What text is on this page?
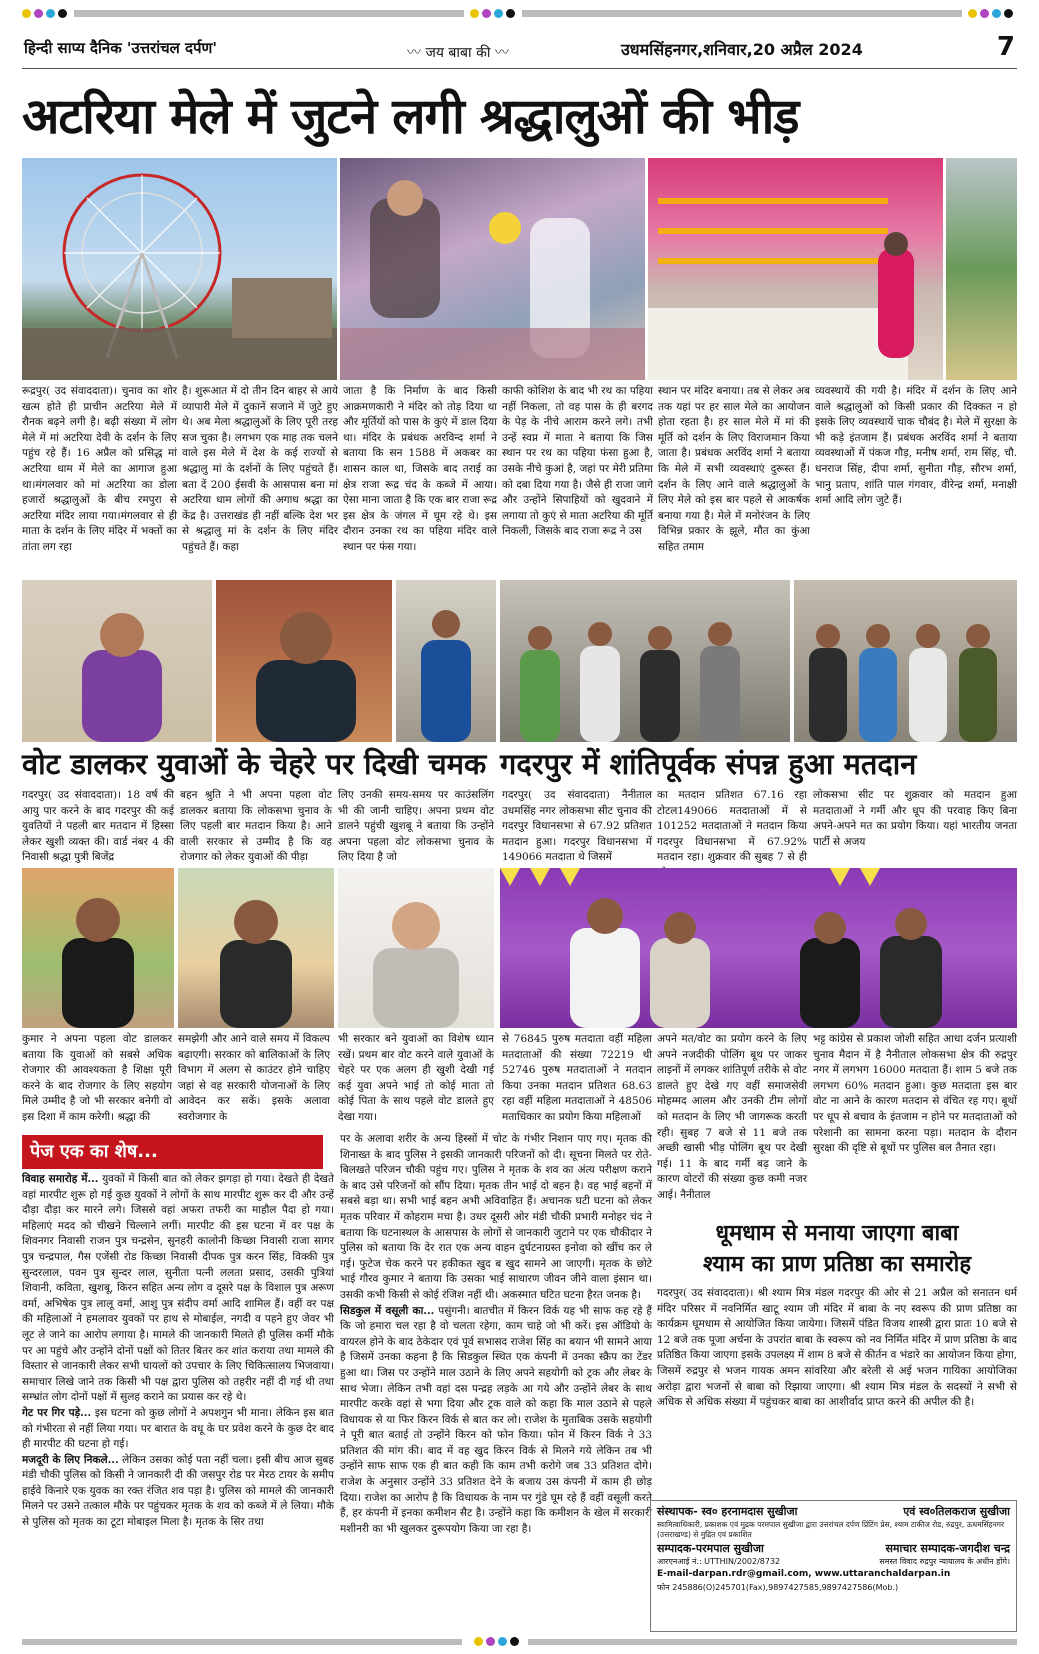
हिन्दी साप्य दैनिक 'उत्तरांचल दर्पण'	〰 जय बाबा की 〰	उधमसिंहनगर,शनिवार,20 अप्रैल 2024	7
अटरिया मेले में जुटने लगी श्रद्धालुओं की भीड़
रूद्रपुर( उद संवाददाता)। चुनाव का शोर खत्म होते ही प्राचीन अटरिया मेले में रौनक बढ़ने लगी है। बढ़ी संख्या में लोग मेले में मां अटरिया देवी के दर्शन के लिए पहुंच रहे हैं। 16 अप्रैल को प्रसिद्ध मां अटरिया धाम में मेले का आगाज हुआ था।मंगलवार को मां अटरिया का डोला हजारों श्रद्धालुओं के बीच रमपुरा से अटरिया मंदिर लाया गया।मंगलवार से ही माता के दर्शन के लिए मंदिर में भक्तों का तांता लग रहा
है। शुरूआत में दो तीन दिन बाहर से आये व्यापारी मेले में दुकानें सजाने में जुटे हुए थे। अब मेला श्रद्धालुओं के लिए पूरी तरह सज चुका है। लगभग एक माह तक चलने वाले इस मेले में देश के कई राज्यों से श्रद्धालु मां के दर्शनों के लिए पहुंचते हैं। बता दें 200 ईसवी के आसपास बना मां अटरिया धाम लोगों की अगाध श्रद्धा का केंद्र है। उत्तराखंड ही नहीं बल्कि देश भर से श्रद्धालु मां के दर्शन के लिए मंदिर पहुंचते हैं। कहा
जाता है कि निर्माण के बाद किसी आक्रमणकारी ने मंदिर को तोड़ दिया था और मूर्तियों को पास के कुएं में डाल दिया था। मंदिर के प्रबंधक अरविन्द शर्मा ने बताया कि सन 1588 में अकबर का शासन काल था, जिसके बाद तराई का क्षेत्र राजा रूद्र चंद के कब्जे में आया। ऐसा माना जाता है कि एक बार राजा रूद्र इस क्षेत्र के जंगल में घूम रहे थे। इस दौरान उनका रथ का पहिया मंदिर वाले स्थान पर फंस गया।
काफी कोशिश के बाद भी रथ का पहिया नहीं निकला, तो वह पास के ही बरगद के पेड़ के नीचे आराम करने लगे। तभी उन्हें स्वप्न में माता ने बताया कि जिस स्थान पर रथ का पहिया फंसा हुआ है, उसके नीचे कुआं है, जहां पर मेरी प्रतिमा को दबा दिया गया है। जैसे ही राजा जागे और उन्होंने सिपाहियों को खुदवाने में लगाया तो कुएं से माता अटरिया की मूर्ति निकली, जिसके बाद राजा रूद्र ने उस
स्थान पर मंदिर बनाया। तब से लेकर अब तक यहां पर हर साल मेले का आयोजन होता रहता है। हर साल मेले में मां की मूर्ति को दर्शन के लिए विराजमान किया जाता है। प्रबंधक अरविंद शर्मा ने बताया कि मेले में सभी व्यवस्थाएं दुरूस्त हैं। दर्शन के लिए आने वाले श्रद्धालुओं के लिए मेले को इस बार पहले से आकर्षक बनाया गया है। मेले में मनोरंजन के लिए विभिन्न प्रकार के झूले, मौत का कुंआ सहित तमाम
व्यवस्थायें की गयी है। मंदिर में दर्शन के लिए आने वाले श्रद्धालुओं को किसी प्रकार की दिक्कत न हो इसके लिए व्यवस्थायें चाक चौबंद है। मेले में सुरक्षा के भी कड़े इंतजाम हैं। प्रबंधक अरविंद शर्मा ने बताया व्यवस्थाओं में पंकज गौड़, मनीष शर्मा, राम सिंह, चौ. धनराज सिंह, दीपा शर्मा, सुनीता गौड़, सौरभ शर्मा, भानु प्रताप, शांति पाल गंगवार, वीरेन्द्र शर्मा, मनाक्षी शर्मा आदि लोग जुटे हैं।
वोट डालकर युवाओं के चेहरे पर दिखी चमक गदरपुर में शांतिपूर्वक संपन्न हुआ मतदान
गदरपुर( उद संवाददाता)। 18 वर्ष की आयु पार करने के बाद गदरपुर की कई युवतियों ने पहली बार मतदान में हिस्सा लेकर खुशी व्यक्त की। वार्ड नंबर 4 की निवासी श्रद्धा पुत्री बिजेंद्र
बहन श्रुति ने भी अपना पहला वोट डालकर बताया कि लोकसभा चुनाव के लिए पहली बार मतदान किया है। आने वाली सरकार से उम्मीद है कि वह रोजगार को लेकर युवाओं की पीड़ा
लिए उनकी समय-समय पर काउंसलिंग भी की जानी चाहिए। अपना प्रथम वोट डालने पहुंची खुशबू ने बताया कि उन्होंने अपना पहला वोट लोकसभा चुनाव के लिए दिया है जो
गदरपुर( उद संवाददाता) नैनीताल उधमसिंह नगर लोकसभा सीट चुनाव की गदरपुर विधानसभा से 67.92 प्रतिशत मतदान हुआ। गदरपुर विधानसभा में 149066 मतदाता थे जिसमें
का मतदान प्रतिशत 67.16 रहा टोटल149066 मतदाताओं में से 101252 मतदाताओं ने मतदान किया गदरपुर विधानसभा में 67.92% मतदान रहा। शुक्रवार की सुबह 7 से ही
लोकसभा सीट पर शुक्रवार को मतदान हुआ मतदाताओं ने गर्मी और धूप की परवाह किए बिना अपने-अपने मत का प्रयोग किया। यहां भारतीय जनता पार्टी से अजय
कुमार ने अपना पहला वोट डालकर बताया कि युवाओं को सबसे अधिक रोजगार की आवश्यकता है शिक्षा पूरी करने के बाद रोजगार के लिए सहयोग मिले उम्मीद है जो भी सरकार बनेगी वो इस दिशा में काम करेगी। श्रद्धा की
समझेगी और आने वाले समय में विकल्प बढ़ाएगी। सरकार को बालिकाओं के लिए विभाग में अलग से काउंटर होने चाहिए जहां से वह सरकारी योजनाओं के लिए आवेदन कर सकें। इसके अलावा स्वरोजगार के
भी सरकार बने युवाओं का विशेष ध्यान रखें। प्रथम बार वोट करने वाले युवाओं के चेहरे पर एक अलग ही खुशी देखी गई कई युवा अपने भाई तो कोई माता तो कोई पिता के साथ पहले वोट डालते हुए देखा गया।
से 76845 पुरुष मतदाता वहीं महिला मतदाताओं की संख्या 72219 थी 52746 पुरुष मतदाताओं ने मतदान किया उनका मतदान प्रतिशत 68.63 रहा वहीं महिला मतदाताओं ने 48506 मताधिकार का प्रयोग किया महिलाओं
अपने मत/वोट का प्रयोग करने के लिए अपने नजदीकी पोलिंग बूथ पर जाकर लाइनों में लगकर शांतिपूर्ण तरीके से वोट डालते हुए देखे गए वहीं समाजसेवी मोहम्मद आलम और उनकी टीम लोगों को मतदान के लिए भी जागरूक करती रही। सुबह 7 बजे से 11 बजे तक अच्छी खासी भीड़ पोलिंग बूथ पर देखी गई। 11 के बाद गर्मी बढ़ जाने के कारण वोटरों की संख्या कुछ कमी नजर आई। नैनीताल
भट्ट कांग्रेस से प्रकाश जोशी सहित आधा दर्जन प्रत्याशी चुनाव मैदान में है नैनीताल लोकसभा क्षेत्र की रुद्रपुर नगर में लगभग 16000 मतदाता हैं। शाम 5 बजे तक लगभग 60% मतदान हुआ। कुछ मतदाता इस बार वोट ना आने के कारण मतदान से वंचित रह गए। बूथों पर धूप से बचाव के इंतजाम न होने पर मतदाताओं को परेशानी का सामना करना पड़ा। मतदान के दौरान सुरक्षा की दृष्टि से बूथों पर पुलिस बल तैनात रहा।
पेज एक का शेष...
विवाह समारोह में... युवकों में किसी बात को लेकर झगड़ा हो गया। देखते ही देखते वहां मारपीट शुरू हो गई कुछ युवकों ने लोगों के साथ मारपीट शुरू कर दी और उन्हें दौड़ा दौड़ा कर मारने लगे। जिससे वहां अफरा तफरी का माहौल पैदा हो गया। महिलाएं मदद को चीखने चिल्लाने लगीं। मारपीट की इस घटना में वर पक्ष के शिवनगर निवासी राजन पुत्र चन्द्रसेन, सुनहरी कालोनी किच्छा निवासी राजा सागर पुत्र चन्द्रपाल, गैस एजेंसी रोड किच्छा निवासी दीपक पुत्र करन सिंह, विक्की पुत्र सुन्दरलाल, पवन पुत्र सुन्दर लाल, सुनीता पत्नी ललता प्रसाद, उसकी पुत्रियां शिवानी, कविता, खुशबू, किरन सहित अन्य लोग व दूसरे पक्ष के विशाल पुत्र अरूण वर्मा, अभिषेक पुत्र लालू वर्मा, आशु पुत्र संदीप वर्मा आदि शामिल हैं। वहीं वर पक्ष की महिलाओं ने हमलावर युवकों पर हाथ से मोबाईल, नगदी व पहने हुए जेवर भी लूट ले जाने का आरोप लगाया है। मामले की जानकारी मिलते ही पुलिस कर्मी मौके पर आ पहुंचे और उन्होंने दोनों पक्षों को तितर बितर कर शांत कराया तथा मामले की विस्तार से जानकारी लेकर सभी घायलों को उपचार के लिए चिकित्सालय भिजवाया। समाचार लिखे जाने तक किसी भी पक्ष द्वारा पुलिस को तहरीर नहीं दी गई थी तथा सम्भ्रांत लोग दोनों पक्षों में सुलह कराने का प्रयास कर रहे थे।
गेट पर गिर पड़े... इस घटना को कुछ लोगों ने अपशगुन भी माना। लेकिन इस बात को गंभीरता से नहीं लिया गया। पर बारात के वधू के घर प्रवेश करने के कुछ देर बाद ही मारपीट की घटना हो गई।
मजदूरी के लिए निकले... लेकिन उसका कोई पता नहीं चला। इसी बीच आज सुबह मंडी चौकी पुलिस को किसी ने जानकारी दी की जसपुर रोड पर मेरठ टायर के समीप हाईवे किनारे एक युवक का रक्त रंजित शव पड़ा है। पुलिस को मामले की जानकारी मिलने पर उसने तत्काल मौके पर पहुंचकर मृतक के शव को कब्जे में ले लिया। मौके से पुलिस को मृतक का टूटा मोबाइल मिला है। मृतक के सिर तथा
पर के अलावा शरीर के अन्य हिस्सों में चोट के गंभीर निशान पाए गए। मृतक की शिनाख्त के बाद पुलिस ने इसकी जानकारी परिजनों को दी। सूचना मिलते पर रोते-बिलखते परिजन चौकी पहुंच गए। पुलिस ने मृतक के शव का अंत्य परीक्षण कराने के बाद उसे परिजनों को सौंप दिया। मृतक तीन भाई दो बहन है। वह भाई बहनों में सबसे बड़ा था। सभी भाई बहन अभी अविवाहित हैं। अचानक घटी घटना को लेकर मृतक परिवार में कोहराम मचा है। उधर दूसरी ओर मंडी चौकी प्रभारी मनोहर चंद ने बताया कि घटनास्थल के आसपास के लोगों से जानकारी जुटाने पर एक चौकीदार ने पुलिस को बताया कि देर रात एक अन्य वाहन दुर्घटनाग्रस्त इनोवा को खींच कर ले गई। फुटेज चेक करने पर हकीकत खुद ब खुद सामने आ जाएगी। मृतक के छोटे भाई गौरव कुमार ने बताया कि उसका भाई साधारण जीवन जीने वाला इंसान था। उसकी कभी किसी से कोई रंजिश नहीं थी। अकस्मात घटित घटना हैरत जनक है।
सिडकुल में वसूली का... पसुंगनी। बातचीत में किरन विर्क यह भी साफ कह रहे हैं कि जो हमारा चल रहा है वो चलता रहेगा, काम चाहे जो भी करें। इस ऑडियो के वायरल होने के बाद ठेकेदार एवं पूर्व सभासद राजेश सिंह का बयान भी सामने आया है जिसमें उनका कहना है कि सिडकुल स्थित एक कंपनी में उनका स्क्रैप का टेंडर हुआ था। जिस पर उन्होंने माल उठाने के लिए अपने सहयोगी को ट्रक और लेबर के साथ भेजा। लेकिन तभी वहां दस पन्द्रह लड़के आ गये और उन्होंने लेबर के साथ मारपीट करके वहां से भगा दिया और ट्रक वाले को कहा कि माल उठाने से पहले विधायक से या फिर किरन विर्क से बात कर लो। राजेश के मुताबिक उसके सहयोगी ने पूरी बात बताई तो उन्होंने किरन को फोन किया। फोन में किरन विर्क ने 33 प्रतिशत की मांग की। बाद में वह खुद किरन विर्क से मिलने गये लेकिन तब भी उन्होंने साफ साफ एक ही बात कही कि काम तभी करोगे जब 33 प्रतिशत दोगे। राजेश के अनुसार उन्होंने 33 प्रतिशत देने के बजाय उस कंपनी में काम ही छोड़ दिया। राजेश का आरोप है कि विधायक के नाम पर गुंडे घूम रहे हैं वहीं वसूली करते हैं, हर कंपनी में इनका कमीशन सैट है। उन्होंने कहा कि कमीशन के खेल में सरकारी मशीनरी का भी खुलकर दुरूपयोग किया जा रहा है।
धूमधाम से मनाया जाएगा बाबा
श्याम का प्राण प्रतिष्ठा का समारोह
गदरपुर( उद संवाददाता)। श्री श्याम मित्र मंडल गदरपुर की ओर से 21 अप्रैल को सनातन धर्म मंदिर परिसर में नवनिर्मित खाटू श्याम जी मंदिर में बाबा के नए स्वरूप की प्राण प्रतिष्ठा का कार्यक्रम धूमधाम से आयोजित किया जायेगा। जिसमें पंडित विजय शास्त्री द्वारा प्रातः 10 बजे से 12 बजे तक पूजा अर्चना के उपरांत बाबा के स्वरूप को नव निर्मित मंदिर में प्राण प्रतिष्ठा के बाद प्रतिष्ठित किया जाएगा इसके उपलक्ष्य में शाम 8 बजे से कीर्तन व भंडारे का आयोजन किया होगा, जिसमें रुद्रपुर से भजन गायक अमन सांवरिया और बरेली से अई भजन गायिका आयोजिका अरोड़ा द्वारा भजनों से बाबा को रिझाया जाएगा। श्री श्याम मित्र मंडल के सदस्यों ने सभी से अधिक से अधिक संख्या में पहुंचकर बाबा का आशीर्वाद प्राप्त करने की अपील की है।
संस्थापक- स्व० हरनामदास सुखीजा	एवं स्व०तिलकराज सुखीजा
स्वामित्वाधिकारी, प्रकाशक एवं मुद्रक परमपाल सुखीजा द्वारा उत्तरांचल दर्पण प्रिंटिंग प्रेस, श्याम टाकीज रोड, रुद्रपुर, ऊधमसिंहनगर (उत्तराखण्ड) से मुद्रित एवं प्रकाशित
सम्पादक-परमपाल सुखीजा	समाचार सम्पादक-जगदीश चन्द्र
आरएनआई नं.: UTTHIN/2002/8732	समस्त विवाद रुद्रपुर न्यायालय के अधीन होंगे।
E-mail-darpan.rdr@gmail.com, www.uttaranchaldarpan.in
फोन 245886(O)245701(Fax),9897427585,9897427586(Mob.)
